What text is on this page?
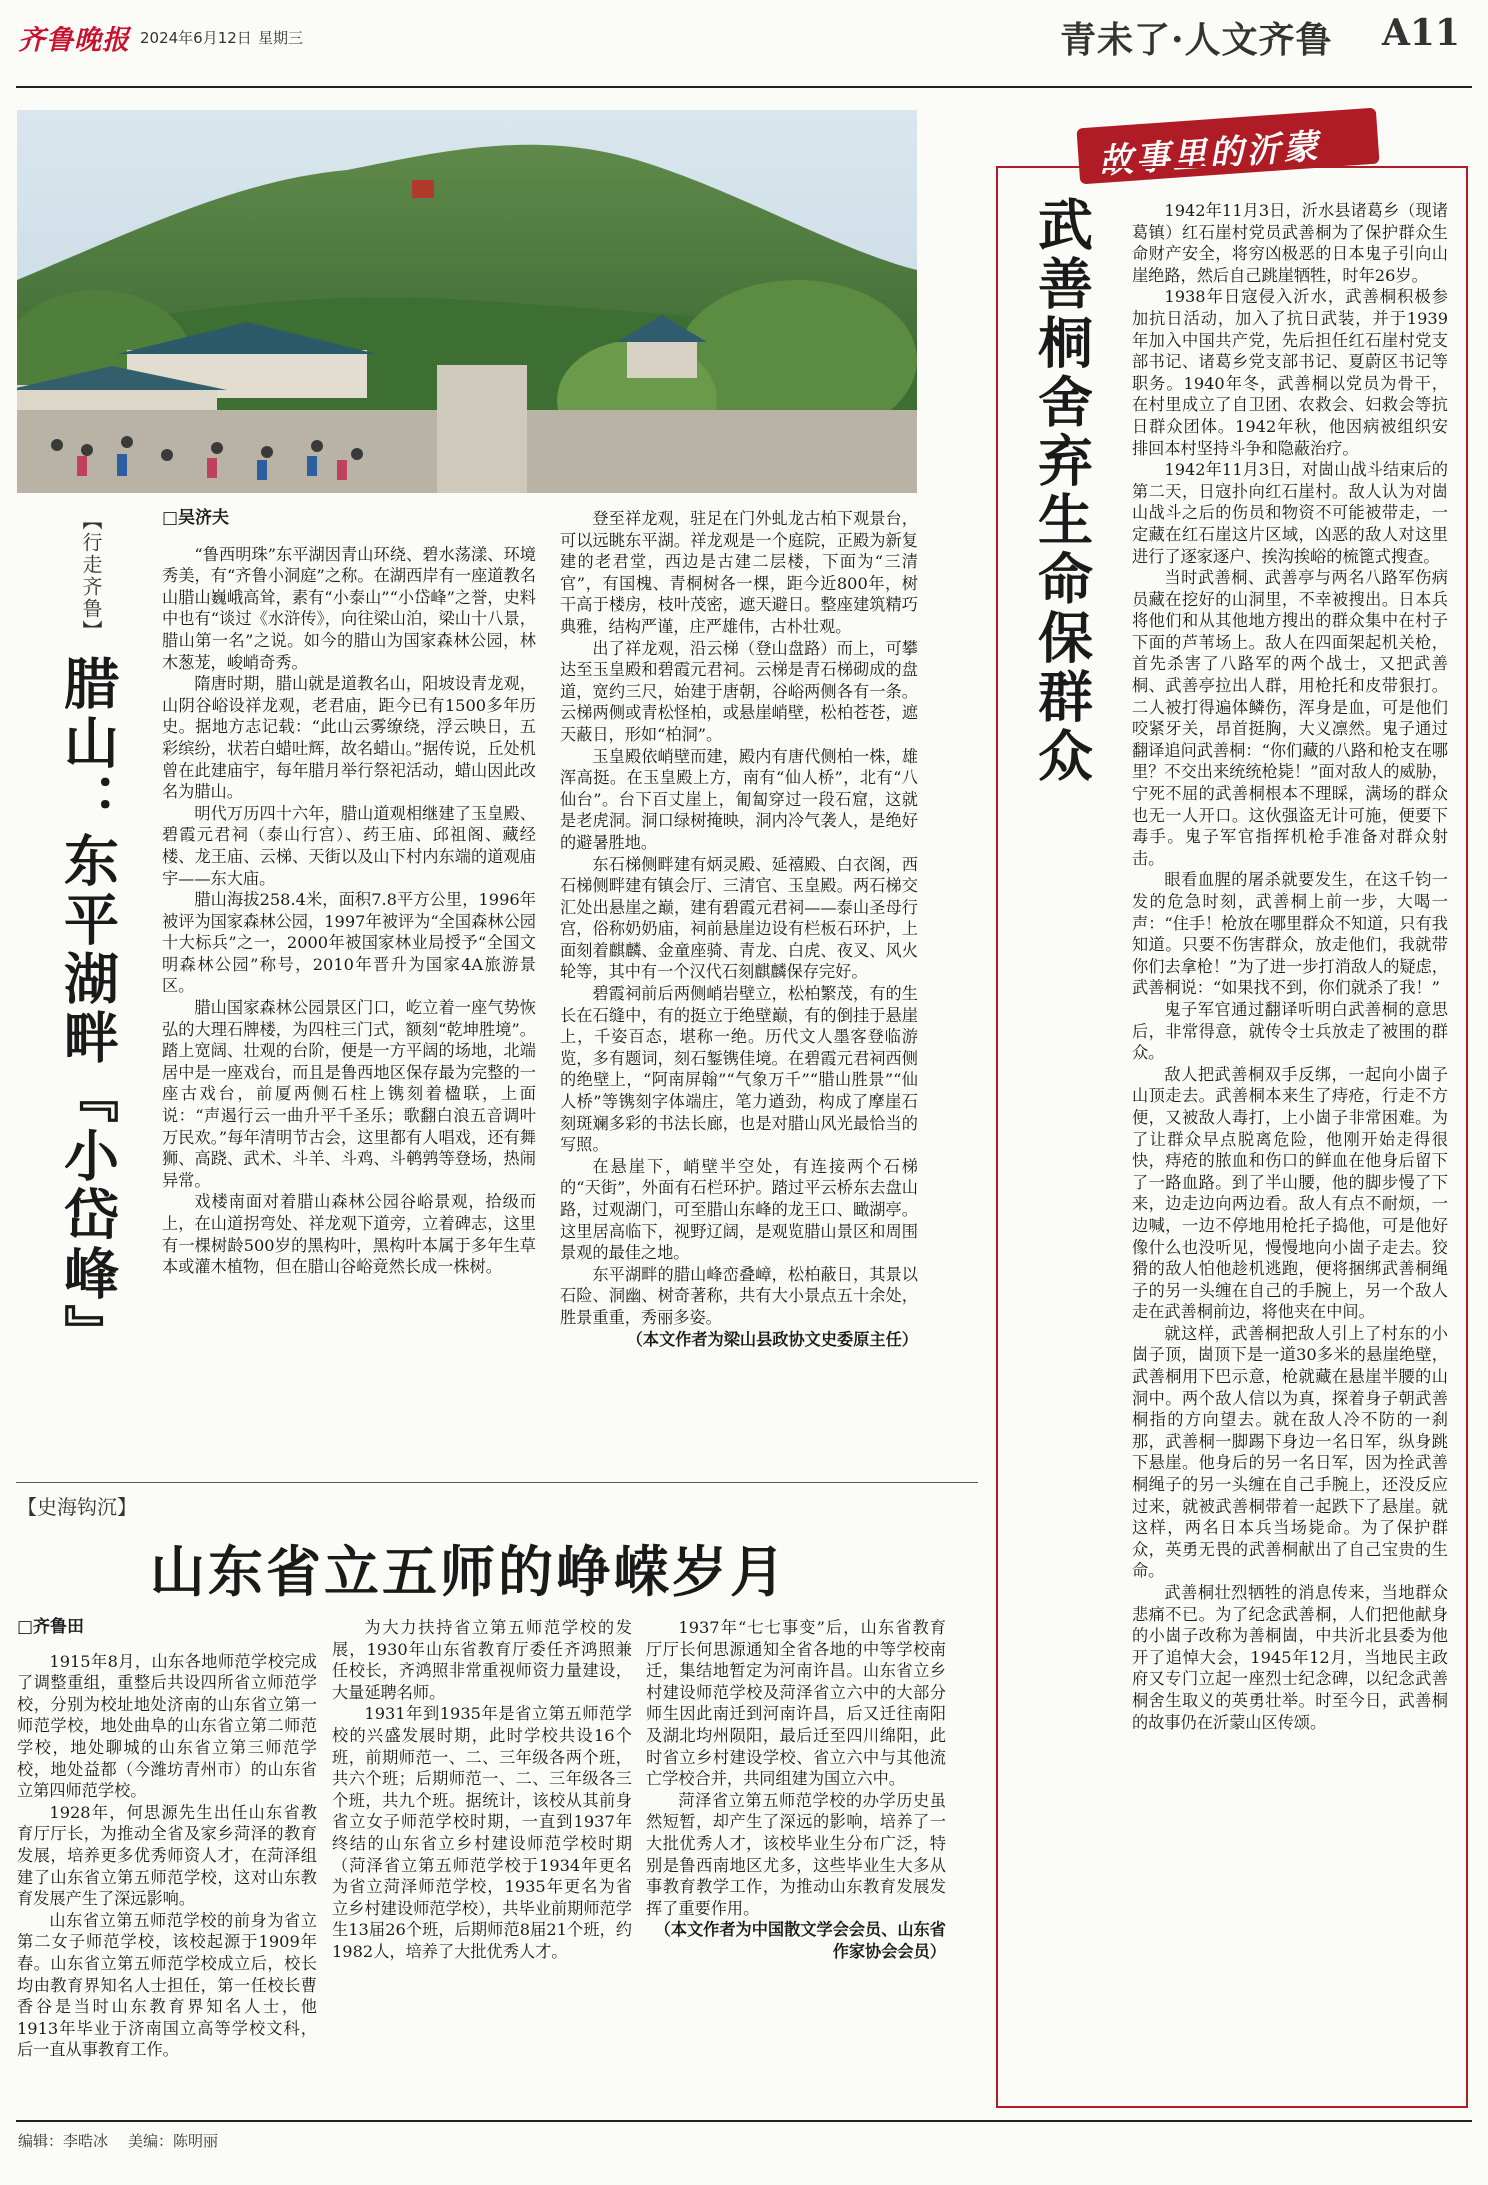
齐鲁晚报 2024年6月12日 星期三	青未了·人文齐鲁 A11
【行走齐鲁】
腊山：东平湖畔『小岱峰』

□吴济夫

“鲁西明珠”东平湖因青山环绕、碧水荡漾、环境秀美，有“齐鲁小洞庭”之称。在湖西岸有一座道教名山腊山巍峨高耸，素有“小泰山”“小岱峰”之誉，史料中也有“谈过《水浒传》，向往梁山泊，梁山十八景，腊山第一名”之说。如今的腊山为国家森林公园，林木葱茏，峻峭奇秀。

隋唐时期，腊山就是道教名山，阳坡设青龙观，山阴谷峪设祥龙观，老君庙，距今已有1500多年历史。据地方志记载：“此山云雾缭绕，浮云映日，五彩缤纷，状若白蜡吐辉，故名蜡山。”据传说，丘处机曾在此建庙宇，每年腊月举行祭祀活动，蜡山因此改名为腊山。

明代万历四十六年，腊山道观相继建了玉皇殿、碧霞元君祠（泰山行宫）、药王庙、邱祖阁、藏经楼、龙王庙、云梯、天街以及山下村内东端的道观庙宇——东大庙。

腊山海拔258.4米，面积7.8平方公里，1996年被评为国家森林公园，1997年被评为“全国森林公园十大标兵”之一，2000年被国家林业局授予“全国文明森林公园”称号，2010年晋升为国家4A旅游景区。

腊山国家森林公园景区门口，屹立着一座气势恢弘的大理石牌楼，为四柱三门式，额刻“乾坤胜境”。踏上宽阔、壮观的台阶，便是一方平阔的场地，北端居中是一座戏台，而且是鲁西地区保存最为完整的一座古戏台，前厦两侧石柱上镌刻着楹联，上面说：“声遏行云一曲升平千圣乐；歌翻白浪五音调叶万民欢。”每年清明节古会，这里都有人唱戏，还有舞狮、高跷、武术、斗羊、斗鸡、斗鹌鹑等登场，热闹异常。

戏楼南面对着腊山森林公园谷峪景观，拾级而上，在山道拐弯处、祥龙观下道旁，立着碑志，这里有一棵树龄500岁的黑构叶，黑构叶本属于多年生草本或灌木植物，但在腊山谷峪竟然长成一株树。

登至祥龙观，驻足在门外虬龙古柏下观景台，可以远眺东平湖。祥龙观是一个庭院，正殿为新复建的老君堂，西边是古建二层楼，下面为“三清官”，有国槐、青桐树各一棵，距今近800年，树干高于楼房，枝叶茂密，遮天避日。整座建筑精巧典雅，结构严谨，庄严雄伟，古朴壮观。

出了祥龙观，沿云梯（登山盘路）而上，可攀达至玉皇殿和碧霞元君祠。云梯是青石梯砌成的盘道，宽约三尺，始建于唐朝，谷峪两侧各有一条。云梯两侧或青松怪柏，或悬崖峭壁，松柏苍苍，遮天蔽日，形如“柏洞”。

玉皇殿依峭壁而建，殿内有唐代侧柏一株，雄浑高挺。在玉皇殿上方，南有“仙人桥”，北有“八仙台”。台下百丈崖上，匍匐穿过一段石窟，这就是老虎洞。洞口绿树掩映，洞内冷气袭人，是绝好的避暑胜地。

东石梯侧畔建有炳灵殿、延禧殿、白衣阁，西石梯侧畔建有镇会厅、三清官、玉皇殿。两石梯交汇处出悬崖之巅，建有碧霞元君祠——泰山圣母行宫，俗称奶奶庙，祠前悬崖边设有栏板石环护，上面刻着麒麟、金童座骑、青龙、白虎、夜叉、风火轮等，其中有一个汉代石刻麒麟保存完好。

碧霞祠前后两侧峭岩壁立，松柏繁茂，有的生长在石缝中，有的挺立于绝壁巅，有的倒挂于悬崖上，千姿百态，堪称一绝。历代文人墨客登临游览，多有题词，刻石錾镌佳境。在碧霞元君祠西侧的绝壁上，“阿南屏翰”“气象万千”“腊山胜景”“仙人桥”等镌刻字体端庄，笔力遒劲，构成了摩崖石刻斑斓多彩的书法长廊，也是对腊山风光最恰当的写照。

在悬崖下，峭壁半空处，有连接两个石梯的“天街”，外面有石栏环护。踏过平云桥东去盘山路，过观湖门，可至腊山东峰的龙王口、瞰湖亭。这里居高临下，视野辽阔，是观览腊山景区和周围景观的最佳之地。

东平湖畔的腊山峰峦叠嶂，松柏蔽日，其景以石险、洞幽、树奇著称，共有大小景点五十余处，胜景重重，秀丽多姿。

（本文作者为梁山县政协文史委原主任）

故事里的沂蒙
武善桐舍弃生命保群众	1942年11月3日，沂水县诸葛乡（现诸葛镇）红石崖村党员武善桐为了保护群众生命财产安全，将穷凶极恶的日本鬼子引向山崖绝路，然后自己跳崖牺牲，时年26岁。

1938年日寇侵入沂水，武善桐积极参加抗日活动，加入了抗日武装，并于1939年加入中国共产党，先后担任红石崖村党支部书记、诸葛乡党支部书记、夏蔚区书记等职务。1940年冬，武善桐以党员为骨干，在村里成立了自卫团、农救会、妇救会等抗日群众团体。1942年秋，他因病被组织安排回本村坚持斗争和隐蔽治疗。

1942年11月3日，对崮山战斗结束后的第二天，日寇扑向红石崖村。敌人认为对崮山战斗之后的伤员和物资不可能被带走，一定藏在红石崖这片区域，凶恶的敌人对这里进行了逐家逐户、挨沟挨峪的梳篦式搜查。

当时武善桐、武善亭与两名八路军伤病员藏在挖好的山洞里，不幸被搜出。日本兵将他们和从其他地方搜出的群众集中在村子下面的芦苇场上。敌人在四面架起机关枪，首先杀害了八路军的两个战士，又把武善桐、武善亭拉出人群，用枪托和皮带狠打。二人被打得遍体鳞伤，浑身是血，可是他们咬紧牙关，昂首挺胸，大义凛然。鬼子通过翻译追问武善桐：“你们藏的八路和枪支在哪里？不交出来统统枪毙！”面对敌人的威胁，宁死不屈的武善桐根本不理睬，满场的群众也无一人开口。这伙强盗无计可施，便要下毒手。鬼子军官指挥机枪手准备对群众射击。

眼看血腥的屠杀就要发生，在这千钧一发的危急时刻，武善桐上前一步，大喝一声：“住手！枪放在哪里群众不知道，只有我知道。只要不伤害群众，放走他们，我就带你们去拿枪！”为了进一步打消敌人的疑虑，武善桐说：“如果找不到，你们就杀了我！”

鬼子军官通过翻译听明白武善桐的意思后，非常得意，就传令士兵放走了被围的群众。

敌人把武善桐双手反绑，一起向小崮子山顶走去。武善桐本来生了痔疮，行走不方便，又被敌人毒打，上小崮子非常困难。为了让群众早点脱离危险，他刚开始走得很快，痔疮的脓血和伤口的鲜血在他身后留下了一路血路。到了半山腰，他的脚步慢了下来，边走边向两边看。敌人有点不耐烦，一边喊，一边不停地用枪托子捣他，可是他好像什么也没听见，慢慢地向小崮子走去。狡猾的敌人怕他趁机逃跑，便将捆绑武善桐绳子的另一头缠在自己的手腕上，另一个敌人走在武善桐前边，将他夹在中间。

就这样，武善桐把敌人引上了村东的小崮子顶，崮顶下是一道30多米的悬崖绝壁，武善桐用下巴示意，枪就藏在悬崖半腰的山洞中。两个敌人信以为真，探着身子朝武善桐指的方向望去。就在敌人冷不防的一刹那，武善桐一脚踢下身边一名日军，纵身跳下悬崖。他身后的另一名日军，因为拴武善桐绳子的另一头缠在自己手腕上，还没反应过来，就被武善桐带着一起跌下了悬崖。就这样，两名日本兵当场毙命。为了保护群众，英勇无畏的武善桐献出了自己宝贵的生命。

武善桐壮烈牺牲的消息传来，当地群众悲痛不已。为了纪念武善桐，人们把他献身的小崮子改称为善桐崮，中共沂北县委为他开了追悼大会，1945年12月，当地民主政府又专门立起一座烈士纪念碑，以纪念武善桐舍生取义的英勇壮举。时至今日，武善桐的故事仍在沂蒙山区传颂。

【史海钩沉】
山东省立五师的峥嵘岁月

□齐鲁田

1915年8月，山东各地师范学校完成了调整重组，重整后共设四所省立师范学校，分别为校址地处济南的山东省立第一师范学校，地处曲阜的山东省立第二师范学校，地处聊城的山东省立第三师范学校，地处益都（今潍坊青州市）的山东省立第四师范学校。

1928年，何思源先生出任山东省教育厅厅长，为推动全省及家乡菏泽的教育发展，培养更多优秀师资人才，在菏泽组建了山东省立第五师范学校，这对山东教育发展产生了深远影响。

山东省立第五师范学校的前身为省立第二女子师范学校，该校起源于1909年春。山东省立第五师范学校成立后，校长均由教育界知名人士担任，第一任校长曹香谷是当时山东教育界知名人士，他1913年毕业于济南国立高等学校文科，后一直从事教育工作。

为大力扶持省立第五师范学校的发展，1930年山东省教育厅委任齐鸿照兼任校长，齐鸿照非常重视师资力量建设，大量延聘名师。

1931年到1935年是省立第五师范学校的兴盛发展时期，此时学校共设16个班，前期师范一、二、三年级各两个班，共六个班；后期师范一、二、三年级各三个班，共九个班。据统计，该校从其前身省立女子师范学校时期，一直到1937年终结的山东省立乡村建设师范学校时期（菏泽省立第五师范学校于1934年更名为省立菏泽师范学校，1935年更名为省立乡村建设师范学校），共毕业前期师范学生13届26个班，后期师范8届21个班，约1982人，培养了大批优秀人才。

1937年“七七事变”后，山东省教育厅厅长何思源通知全省各地的中等学校南迁，集结地暂定为河南许昌。山东省立乡村建设师范学校及菏泽省立六中的大部分师生因此南迁到河南许昌，后又迁往南阳及湖北均州陨阳，最后迁至四川绵阳，此时省立乡村建设学校、省立六中与其他流亡学校合并，共同组建为国立六中。

菏泽省立第五师范学校的办学历史虽然短暂，却产生了深远的影响，培养了一大批优秀人才，该校毕业生分布广泛，特别是鲁西南地区尤多，这些毕业生大多从事教育教学工作，为推动山东教育发展发挥了重要作用。

（本文作者为中国散文学会会员、山东省作家协会会员）

编辑：李晧冰 美编：陈明丽
